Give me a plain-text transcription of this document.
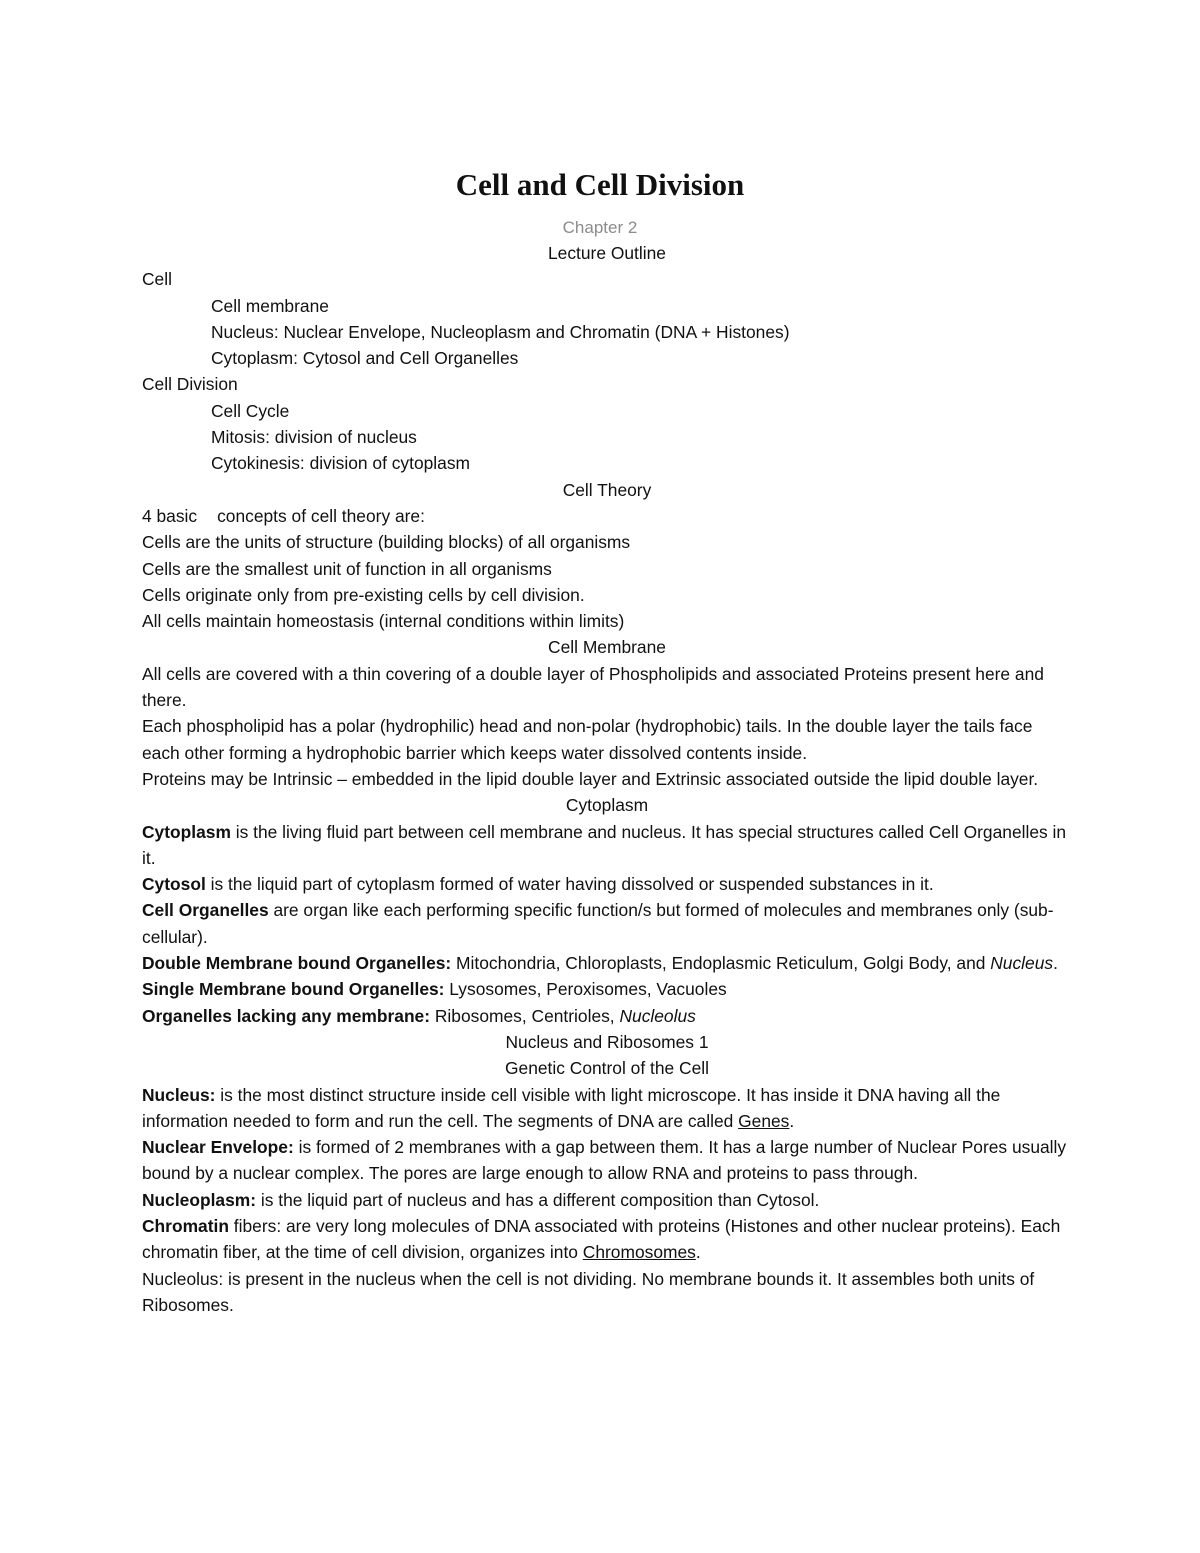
Cell and Cell Division
Chapter 2
Lecture Outline
Cell
Cell membrane
Nucleus: Nuclear Envelope, Nucleoplasm and Chromatin (DNA + Histones)
Cytoplasm: Cytosol and Cell Organelles
Cell Division
Cell Cycle
Mitosis: division of nucleus
Cytokinesis: division of cytoplasm
Cell Theory
4 basic concepts of cell theory are:
Cells are the units of structure (building blocks) of all organisms
Cells are the smallest unit of function in all organisms
Cells originate only from pre-existing cells by cell division.
All cells maintain homeostasis (internal conditions within limits)
Cell Membrane
All cells are covered with a thin covering of a double layer of Phospholipids and associated Proteins present here and there.
Each phospholipid has a polar (hydrophilic) head and non-polar (hydrophobic) tails. In the double layer the tails face each other forming a hydrophobic barrier which keeps water dissolved contents inside.
Proteins may be Intrinsic – embedded in the lipid double layer and Extrinsic associated outside the lipid double layer.
Cytoplasm
Cytoplasm is the living fluid part between cell membrane and nucleus. It has special structures called Cell Organelles in it.
Cytosol is the liquid part of cytoplasm formed of water having dissolved or suspended substances in it.
Cell Organelles are organ like each performing specific function/s but formed of molecules and membranes only (sub-cellular).
Double Membrane bound Organelles: Mitochondria, Chloroplasts, Endoplasmic Reticulum, Golgi Body, and Nucleus.
Single Membrane bound Organelles: Lysosomes, Peroxisomes, Vacuoles
Organelles lacking any membrane: Ribosomes, Centrioles, Nucleolus
Nucleus and Ribosomes 1
Genetic Control of the Cell
Nucleus: is the most distinct structure inside cell visible with light microscope. It has inside it DNA having all the information needed to form and run the cell. The segments of DNA are called Genes.
Nuclear Envelope: is formed of 2 membranes with a gap between them. It has a large number of Nuclear Pores usually bound by a nuclear complex. The pores are large enough to allow RNA and proteins to pass through.
Nucleoplasm: is the liquid part of nucleus and has a different composition than Cytosol.
Chromatin fibers: are very long molecules of DNA associated with proteins (Histones and other nuclear proteins). Each chromatin fiber, at the time of cell division, organizes into Chromosomes.
Nucleolus: is present in the nucleus when the cell is not dividing. No membrane bounds it. It assembles both units of Ribosomes.
